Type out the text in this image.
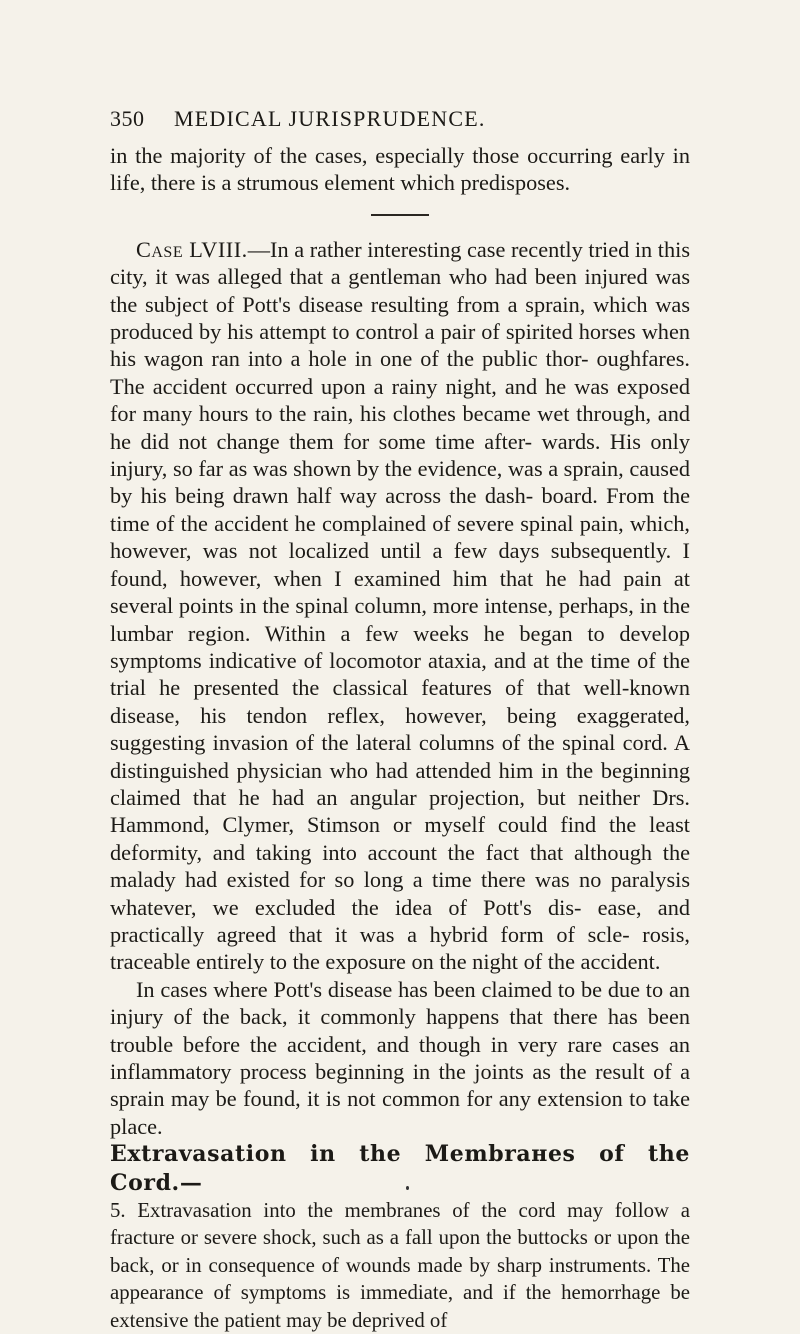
350 MEDICAL JURISPRUDENCE.

in the majority of the cases, especially those occurring early in life, there is a strumous element which predisposes.

Case LVIII.—In a rather interesting case recently tried in this city, it was alleged that a gentleman who had been injured was the subject of Pott's disease resulting from a sprain, which was produced by his attempt to control a pair of spirited horses when his wagon ran into a hole in one of the public thor- oughfares. The accident occurred upon a rainy night, and he was exposed for many hours to the rain, his clothes became wet through, and he did not change them for some time after- wards. His only injury, so far as was shown by the evidence, was a sprain, caused by his being drawn half way across the dash- board. From the time of the accident he complained of severe spinal pain, which, however, was not localized until a few days subsequently. I found, however, when I examined him that he had pain at several points in the spinal column, more intense, perhaps, in the lumbar region. Within a few weeks he began to develop symptoms indicative of locomotor ataxia, and at the time of the trial he presented the classical features of that well-known disease, his tendon reflex, however, being exaggerated, suggesting invasion of the lateral columns of the spinal cord. A distinguished physician who had attended him in the beginning claimed that he had an angular projection, but neither Drs. Hammond, Clymer, Stimson or myself could find the least deformity, and taking into account the fact that although the malady had existed for so long a time there was no paralysis whatever, we excluded the idea of Pott's dis- ease, and practically agreed that it was a hybrid form of scle- rosis, traceable entirely to the exposure on the night of the accident.

In cases where Pott's disease has been claimed to be due to an injury of the back, it commonly happens that there has been trouble before the accident, and though in very rare cases an inflammatory process beginning in the joints as the result of a sprain may be found, it is not common for any extension to take place.

Extravasation in the Membraнes of the Cord.—

5. Extravasation into the membranes of the cord may follow a fracture or severe shock, such as a fall upon the buttocks or upon the back, or in consequence of wounds made by sharp instruments. The appearance of symptoms is immediate, and if the hemorrhage be extensive the patient may be deprived of
